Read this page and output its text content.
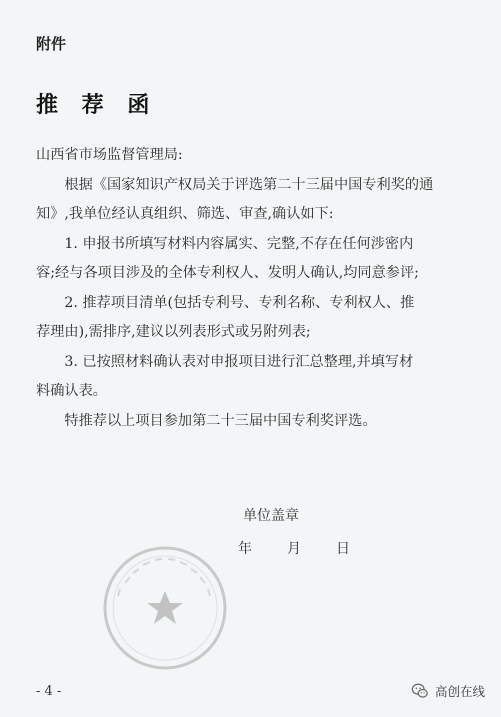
附件
推 荐 函

山西省市场监督管理局:

根据《国家知识产权局关于评选第二十三届中国专利奖的通

知》,我单位经认真组织、筛选、审查,确认如下:

1. 申报书所填写材料内容属实、完整,不存在任何涉密内

容;经与各项目涉及的全体专利权人、发明人确认,均同意参评;

2. 推荐项目清单(包括专利号、专利名称、专利权人、推

荐理由),需排序,建议以列表形式或另附列表;

3. 已按照材料确认表对申报项目进行汇总整理,并填写材

料确认表。

特推荐以上项目参加第二十三届中国专利奖评选。

单位盖章
年	月	日
- 4 -	高创在线
